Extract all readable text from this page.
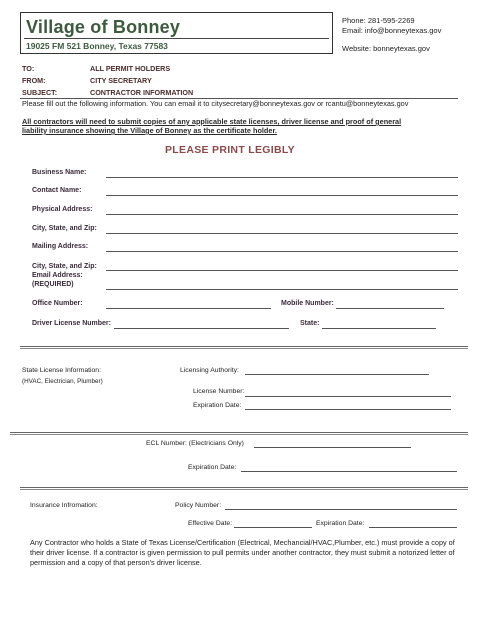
Village of Bonney
19025 FM 521 Bonney, Texas 77583
Phone: 281-595-2269
Email: info@bonneytexas.gov
Website: bonneytexas.gov
TO:	ALL PERMIT HOLDERS
FROM:	CITY SECRETARY
SUBJECT:	CONTRACTOR INFORMATION
Please fill out the following information. You can email it to citysecretary@bonneytexas.gov or rcantu@bonneytexas.gov
All contractors will need to submit copies of any applicable state licenses, driver license and proof of general
liability insurance showing the Village of Bonney as the certificate holder.
PLEASE PRINT LEGIBLY
Business Name:
Contact Name:
Physical Address:
City, State, and Zip:
Mailing Address:
City, State, and Zip:
Email Address:
(REQUIRED)
Office Number:	Mobile Number:
Driver License Number:	State:
State License Information:
(HVAC, Electrician, Plumber)
Licensing Authority:
License Number:
Expiration Date:
ECL Number: (Electricians Only)
Expiration Date:
Insurance Infromation:	Policy Number:
Effective Date:	Expiration Date:
Any Contractor who holds a State of Texas License/Certification (Electrical, Mechancial/HVAC,Plumber, etc.) must provide a copy of their driver license. If a contractor is given permission to pull permits under another contractor, they must submit a notorized letter of permission and a copy of that person's driver license.
